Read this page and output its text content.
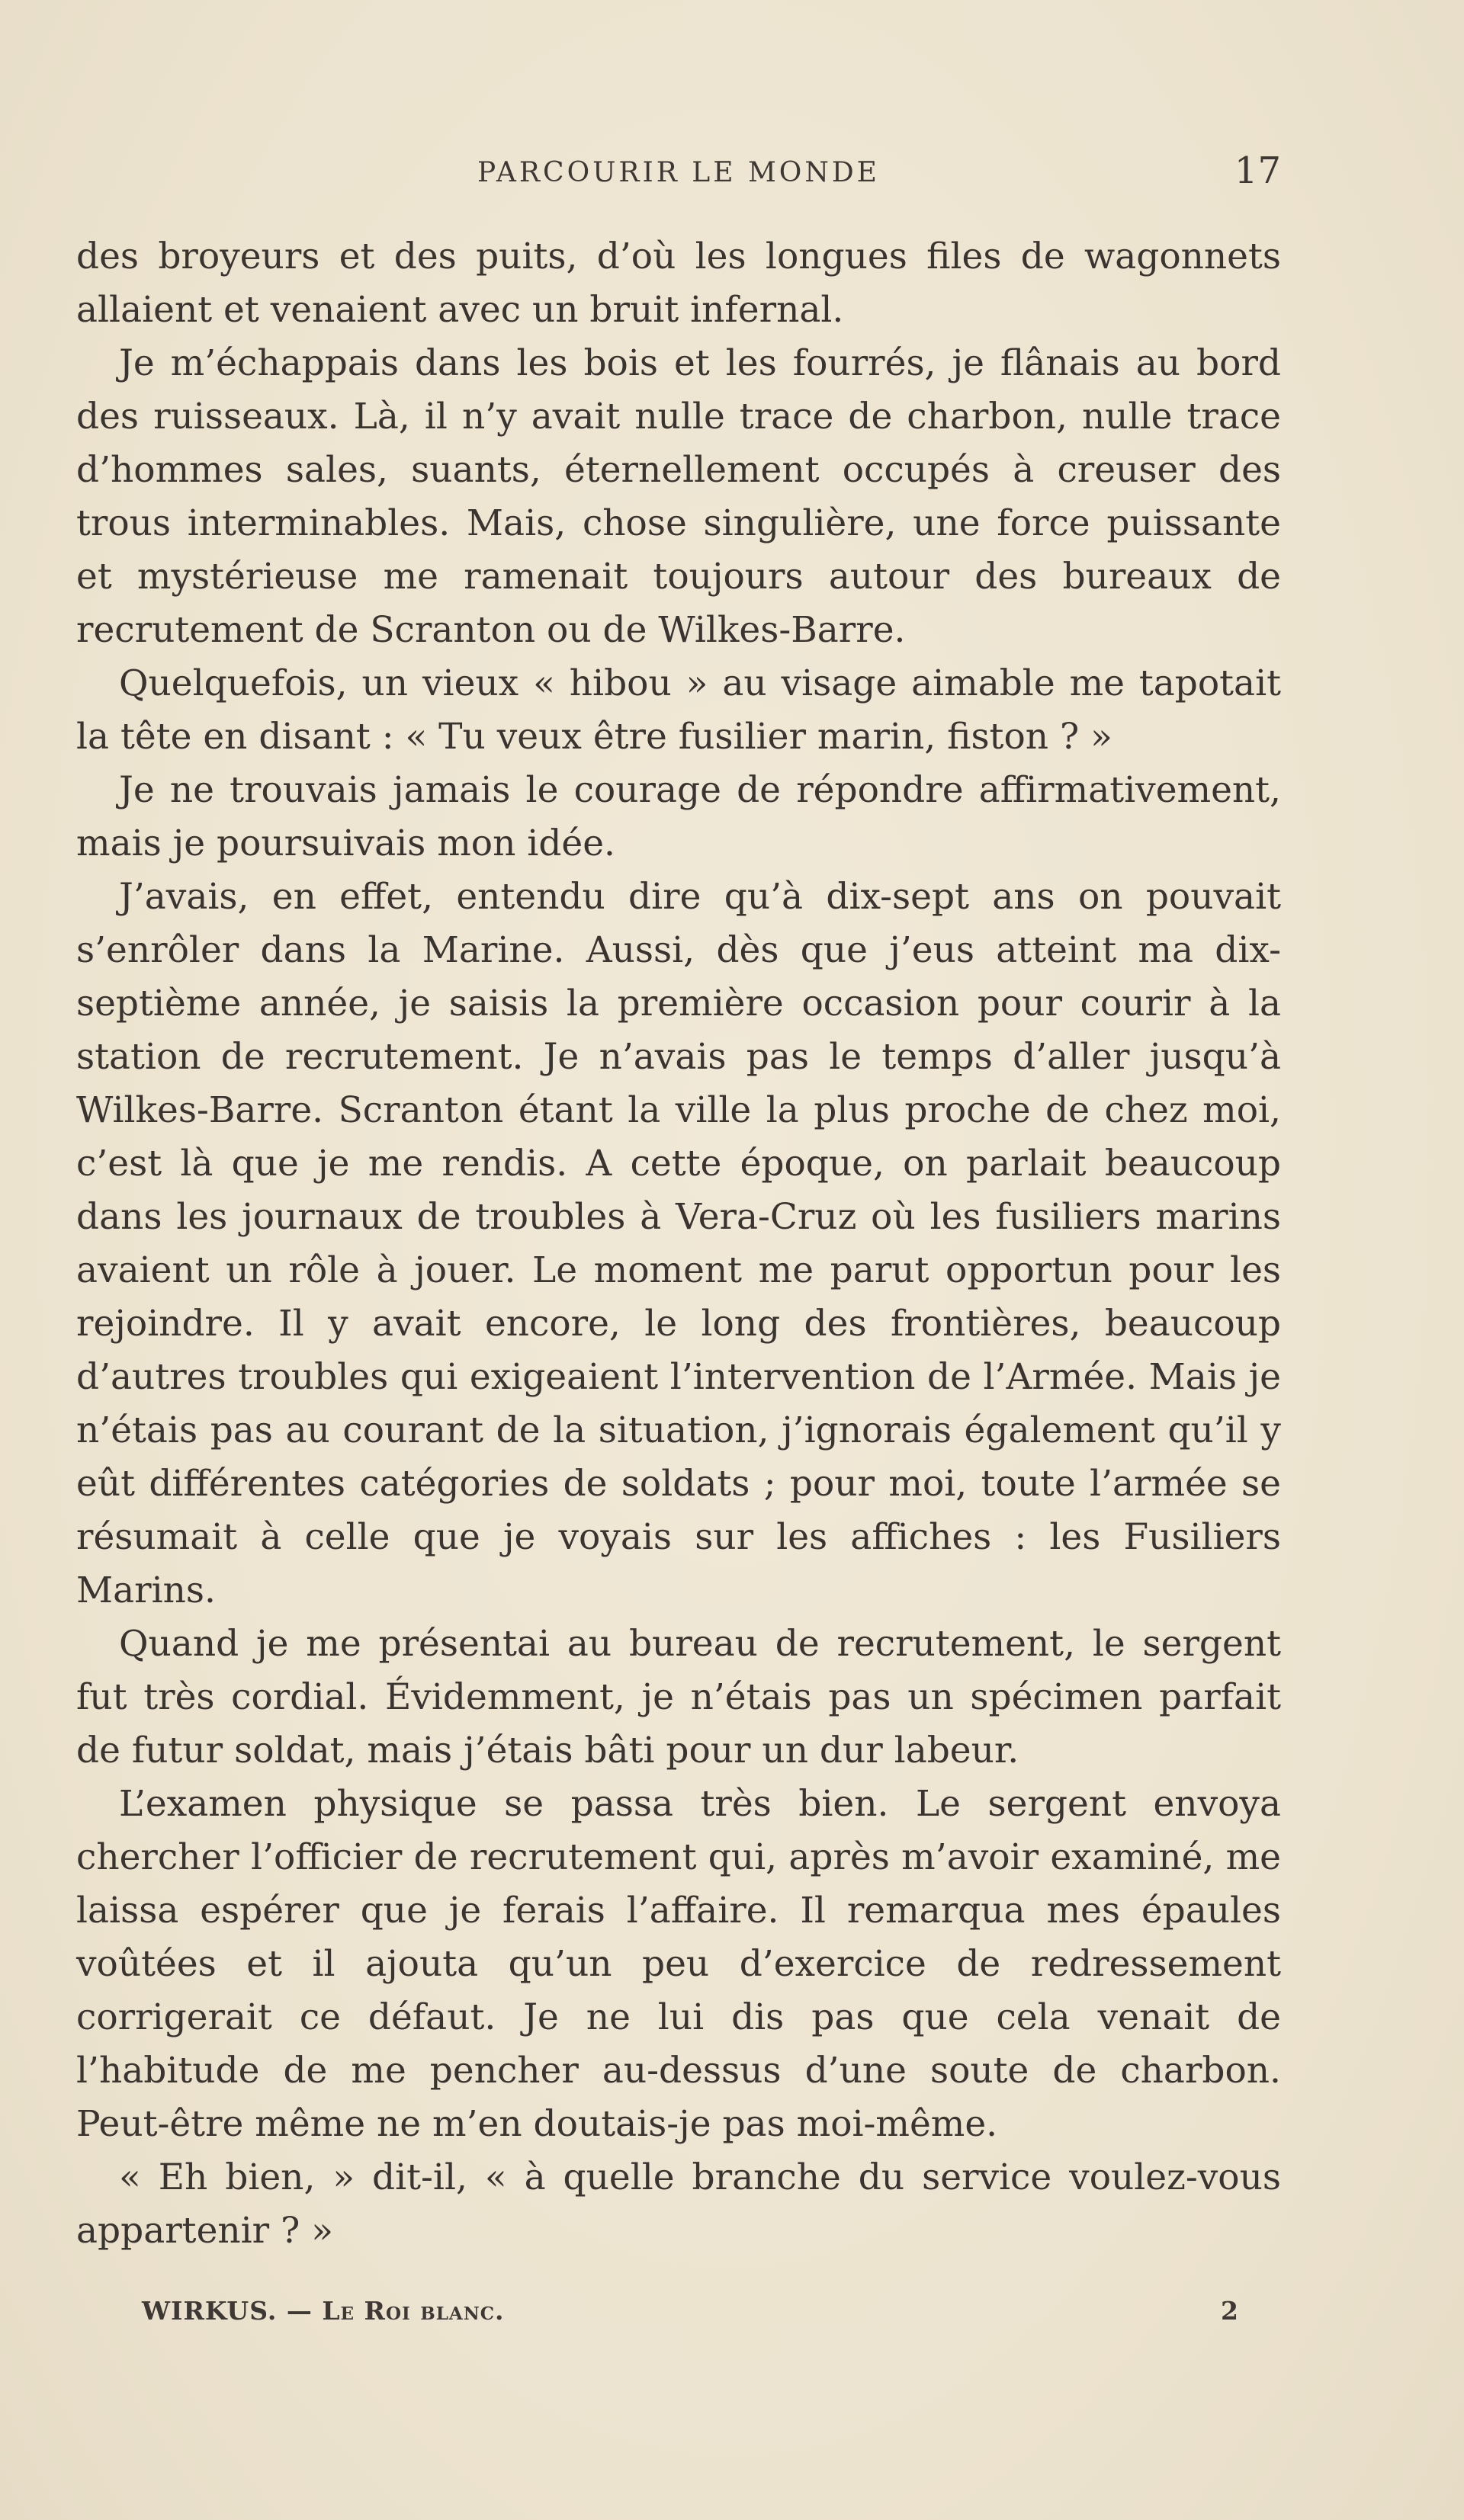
PARCOURIR LE MONDE	17

des broyeurs et des puits, d’où les longues files de wagonnets allaient et venaient avec un bruit infernal.

Je m’échappais dans les bois et les fourrés, je flânais au bord des ruisseaux. Là, il n’y avait nulle trace de charbon, nulle trace d’hommes sales, suants, éternellement occupés à creuser des trous interminables. Mais, chose singulière, une force puissante et mystérieuse me ramenait toujours autour des bureaux de recrutement de Scranton ou de Wilkes-Barre.

Quelquefois, un vieux « hibou » au visage aimable me tapotait la tête en disant : « Tu veux être fusilier marin, fiston ? »

Je ne trouvais jamais le courage de répondre affirmativement, mais je poursuivais mon idée.

J’avais, en effet, entendu dire qu’à dix-sept ans on pouvait s’enrôler dans la Marine. Aussi, dès que j’eus atteint ma dix-septième année, je saisis la première occasion pour courir à la station de recrutement. Je n’avais pas le temps d’aller jusqu’à Wilkes-Barre. Scranton étant la ville la plus proche de chez moi, c’est là que je me rendis. A cette époque, on parlait beaucoup dans les journaux de troubles à Vera-Cruz où les fusiliers marins avaient un rôle à jouer. Le moment me parut opportun pour les rejoindre. Il y avait encore, le long des frontières, beaucoup d’autres troubles qui exigeaient l’intervention de l’Armée. Mais je n’étais pas au courant de la situation, j’ignorais également qu’il y eût différentes catégories de soldats ; pour moi, toute l’armée se résumait à celle que je voyais sur les affiches : les Fusiliers Marins.

Quand je me présentai au bureau de recrutement, le sergent fut très cordial. Évidemment, je n’étais pas un spécimen parfait de futur soldat, mais j’étais bâti pour un dur labeur.

L’examen physique se passa très bien. Le sergent envoya chercher l’officier de recrutement qui, après m’avoir examiné, me laissa espérer que je ferais l’affaire. Il remarqua mes épaules voûtées et il ajouta qu’un peu d’exercice de redressement corrigerait ce défaut. Je ne lui dis pas que cela venait de l’habitude de me pencher au-dessus d’une soute de charbon. Peut-être même ne m’en doutais-je pas moi-même.

« Eh bien, » dit-il, « à quelle branche du service voulez-vous appartenir ? »

WIRKUS. — Le Roi blanc.	2
